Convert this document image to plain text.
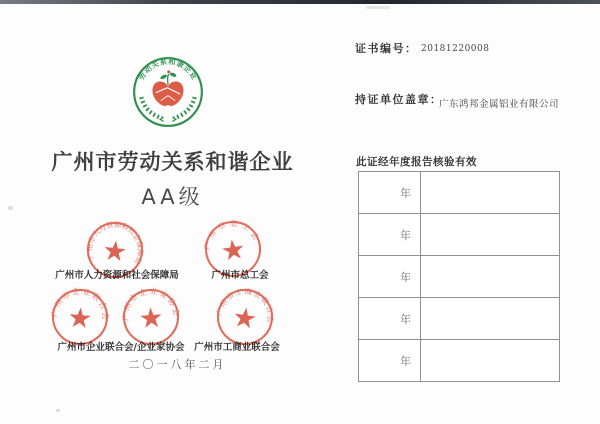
劳动关系和谐企业
广州市劳动关系和谐企业
AA级
广州市人力资源和社会保障局	广州市总工会
广州市企业联合会/企业家协会	广州市工商业联合会
广州市人力资源和社会保障局
广州市总工会
广州市企业联合会 广州市企业家协会	广州市工商业联合会
二〇一八年二月
证书编号： 20181220008
持证单位盖章：
广东鸿邦金属铝业有限公司
此证经年度报告核验有效
年	
年	
年	
年	
年	
